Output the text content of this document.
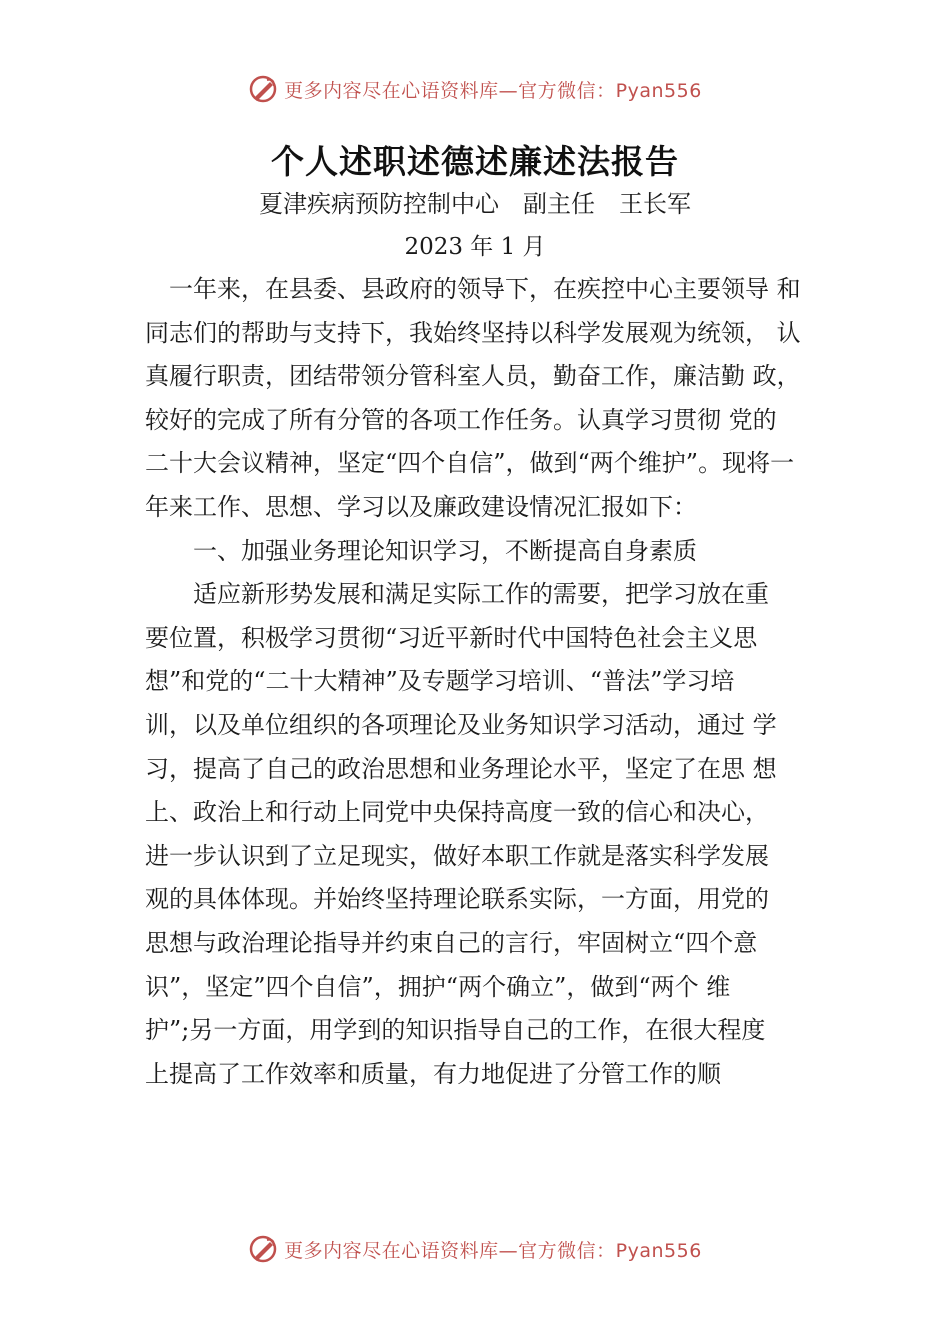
更多内容尽在心语资料库—官方微信：Pyan556
个人述职述德述廉述法报告
夏津疾病预防控制中心　副主任　王长军
2023 年 1 月
　一年来，在县委、县政府的领导下，在疾控中心主要领导 和
同志们的帮助与支持下，我始终坚持以科学发展观为统领， 认
真履行职责，团结带领分管科室人员，勤奋工作，廉洁勤 政，
较好的完成了所有分管的各项工作任务。认真学习贯彻 党的
二十大会议精神，坚定“四个自信”，做到“两个维护”。现将一
年来工作、思想、学习以及廉政建设情况汇报如下：
　　一、加强业务理论知识学习，不断提高自身素质
　　适应新形势发展和满足实际工作的需要，把学习放在重
要位置，积极学习贯彻“习近平新时代中国特色社会主义思
想”和党的“二十大精神”及专题学习培训、“普法”学习培
训，以及单位组织的各项理论及业务知识学习活动，通过 学
习，提高了自己的政治思想和业务理论水平，坚定了在思 想
上、政治上和行动上同党中央保持高度一致的信心和决心，
进一步认识到了立足现实，做好本职工作就是落实科学发展
观的具体体现。并始终坚持理论联系实际，一方面，用党的
思想与政治理论指导并约束自己的言行，牢固树立“四个意
识”，坚定”四个自信”，拥护“两个确立”，做到“两个 维
护”;另一方面，用学到的知识指导自己的工作，在很大程度
上提高了工作效率和质量，有力地促进了分管工作的顺
更多内容尽在心语资料库—官方微信：Pyan556
